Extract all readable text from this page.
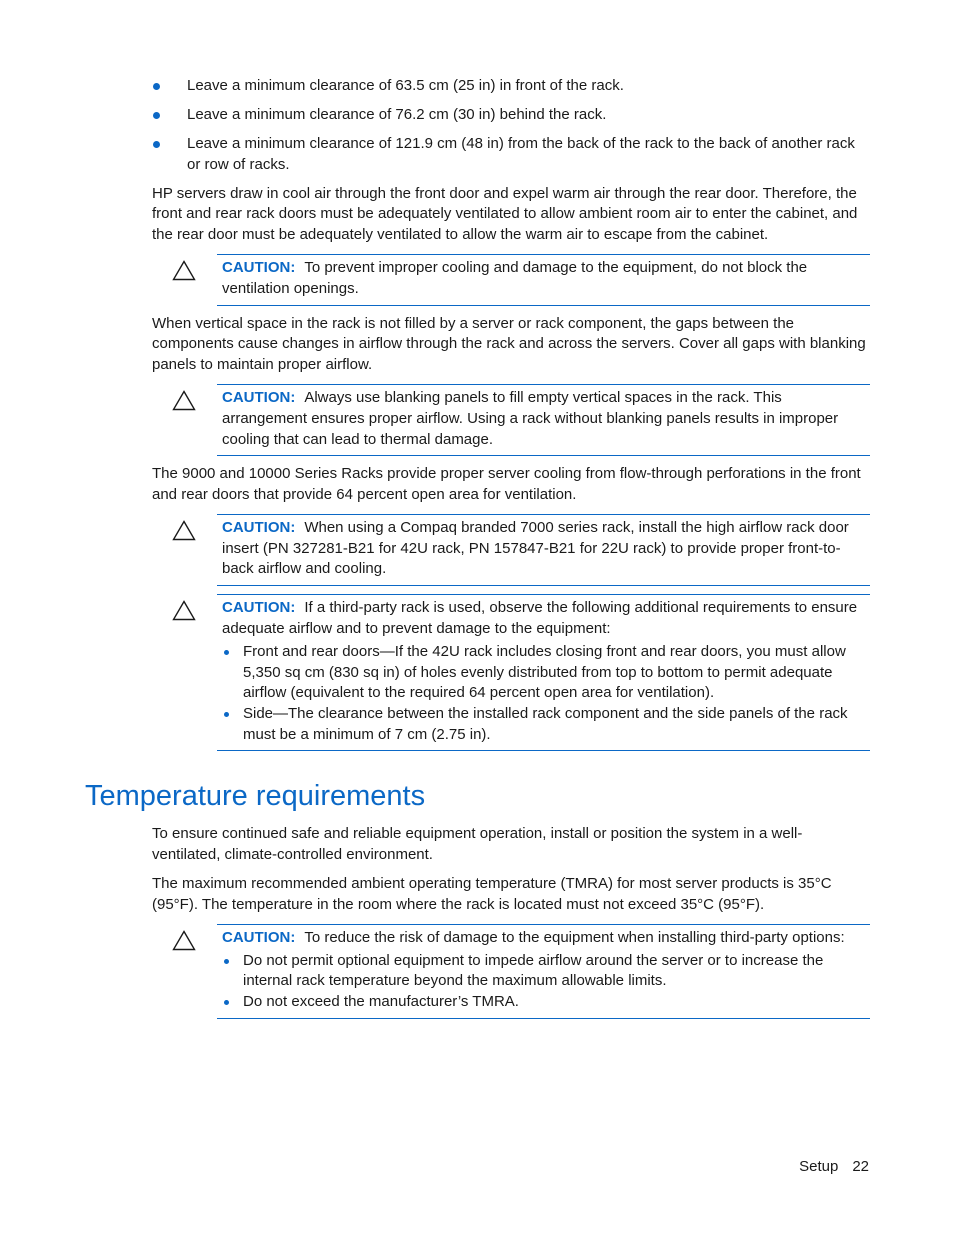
Leave a minimum clearance of 63.5 cm (25 in) in front of the rack.
Leave a minimum clearance of 76.2 cm (30 in) behind the rack.
Leave a minimum clearance of 121.9 cm (48 in) from the back of the rack to the back of another rack or row of racks.

HP servers draw in cool air through the front door and expel warm air through the rear door. Therefore, the front and rear rack doors must be adequately ventilated to allow ambient room air to enter the cabinet, and the rear door must be adequately ventilated to allow the warm air to escape from the cabinet.

CAUTION: To prevent improper cooling and damage to the equipment, do not block the ventilation openings.

When vertical space in the rack is not filled by a server or rack component, the gaps between the components cause changes in airflow through the rack and across the servers. Cover all gaps with blanking panels to maintain proper airflow.

CAUTION: Always use blanking panels to fill empty vertical spaces in the rack. This arrangement ensures proper airflow. Using a rack without blanking panels results in improper cooling that can lead to thermal damage.

The 9000 and 10000 Series Racks provide proper server cooling from flow-through perforations in the front and rear doors that provide 64 percent open area for ventilation.

CAUTION: When using a Compaq branded 7000 series rack, install the high airflow rack door insert (PN 327281-B21 for 42U rack, PN 157847-B21 for 22U rack) to provide proper front-to-back airflow and cooling.
CAUTION: If a third-party rack is used, observe the following additional requirements to ensure adequate airflow and to prevent damage to the equipment:
Front and rear doors—If the 42U rack includes closing front and rear doors, you must allow 5,350 sq cm (830 sq in) of holes evenly distributed from top to bottom to permit adequate airflow (equivalent to the required 64 percent open area for ventilation).
Side—The clearance between the installed rack component and the side panels of the rack must be a minimum of 7 cm (2.75 in).
Temperature requirements

To ensure continued safe and reliable equipment operation, install or position the system in a well-ventilated, climate-controlled environment.

The maximum recommended ambient operating temperature (TMRA) for most server products is 35°C (95°F). The temperature in the room where the rack is located must not exceed 35°C (95°F).

CAUTION: To reduce the risk of damage to the equipment when installing third-party options:
Do not permit optional equipment to impede airflow around the server or to increase the internal rack temperature beyond the maximum allowable limits.
Do not exceed the manufacturer’s TMRA.
Setup 22
